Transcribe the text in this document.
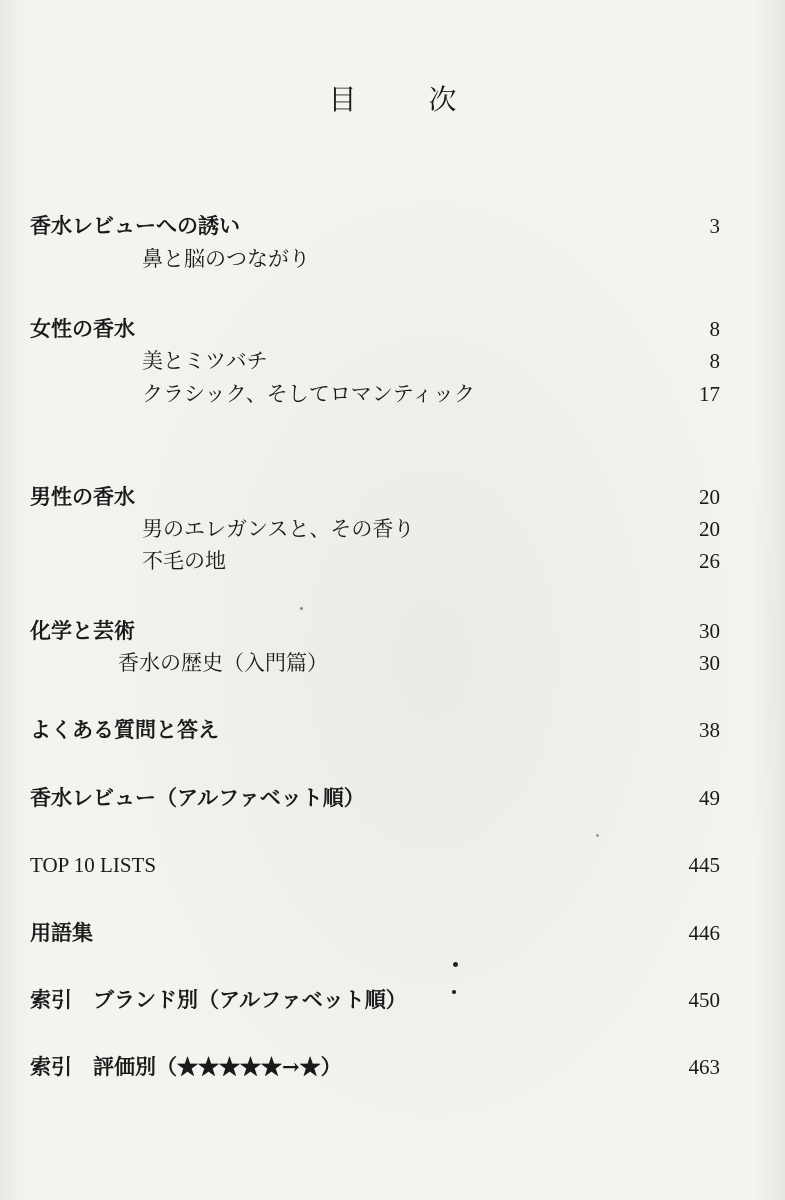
目　次
香水レビューへの誘い	3
鼻と脳のつながり
女性の香水	8
美とミツバチ	8
クラシック、そしてロマンティック	17
男性の香水	20
男のエレガンスと、その香り	20
不毛の地	26
化学と芸術	30
香水の歴史（入門篇）	30
よくある質問と答え	38
香水レビュー（アルファベット順）	49
TOP 10 LISTS	445
用語集	446
索引　ブランド別（アルファベット順）	450
索引　評価別（★★★★★→★）	463
